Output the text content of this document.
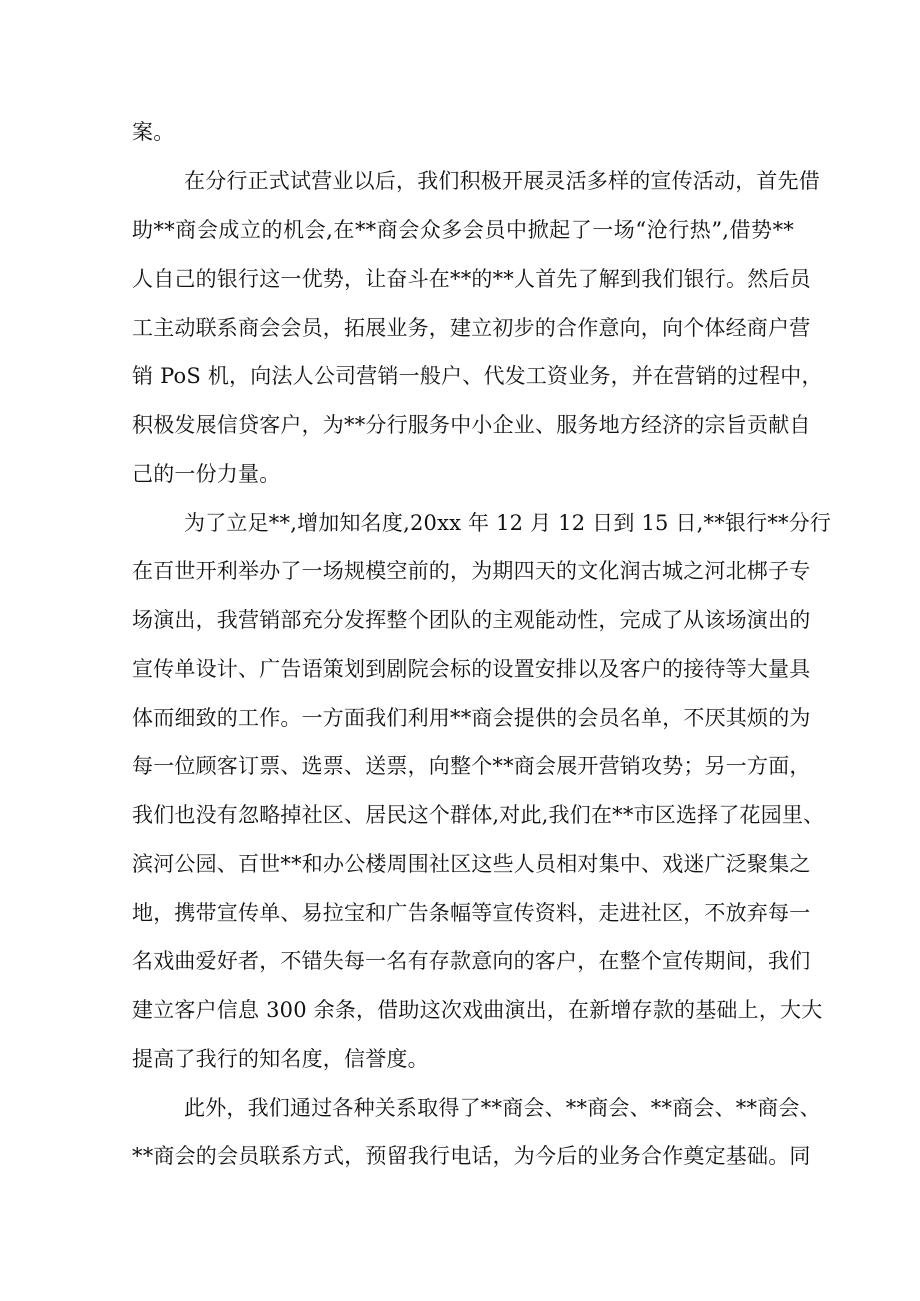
案。
在分行正式试营业以后，我们积极开展灵活多样的宣传活动，首先借
助**商会成立的机会,在**商会众多会员中掀起了一场“沧行热”,借势**
人自己的银行这一优势，让奋斗在**的**人首先了解到我们银行。然后员
工主动联系商会会员，拓展业务，建立初步的合作意向，向个体经商户营
销 PoS 机，向法人公司营销一般户、代发工资业务，并在营销的过程中，
积极发展信贷客户，为**分行服务中小企业、服务地方经济的宗旨贡献自
己的一份力量。
为了立足**,增加知名度,20xx 年 12 月 12 日到 15 日,**银行**分行
在百世开利举办了一场规模空前的，为期四天的文化润古城之河北梆子专
场演出，我营销部充分发挥整个团队的主观能动性，完成了从该场演出的
宣传单设计、广告语策划到剧院会标的设置安排以及客户的接待等大量具
体而细致的工作。一方面我们利用**商会提供的会员名单，不厌其烦的为
每一位顾客订票、选票、送票，向整个**商会展开营销攻势；另一方面，
我们也没有忽略掉社区、居民这个群体,对此,我们在**市区选择了花园里、
滨河公园、百世**和办公楼周围社区这些人员相对集中、戏迷广泛聚集之
地，携带宣传单、易拉宝和广告条幅等宣传资料，走进社区，不放弃每一
名戏曲爱好者，不错失每一名有存款意向的客户，在整个宣传期间，我们
建立客户信息 300 余条，借助这次戏曲演出，在新增存款的基础上，大大
提高了我行的知名度，信誉度。
此外，我们通过各种关系取得了**商会、**商会、**商会、**商会、
**商会的会员联系方式，预留我行电话，为今后的业务合作奠定基础。同
